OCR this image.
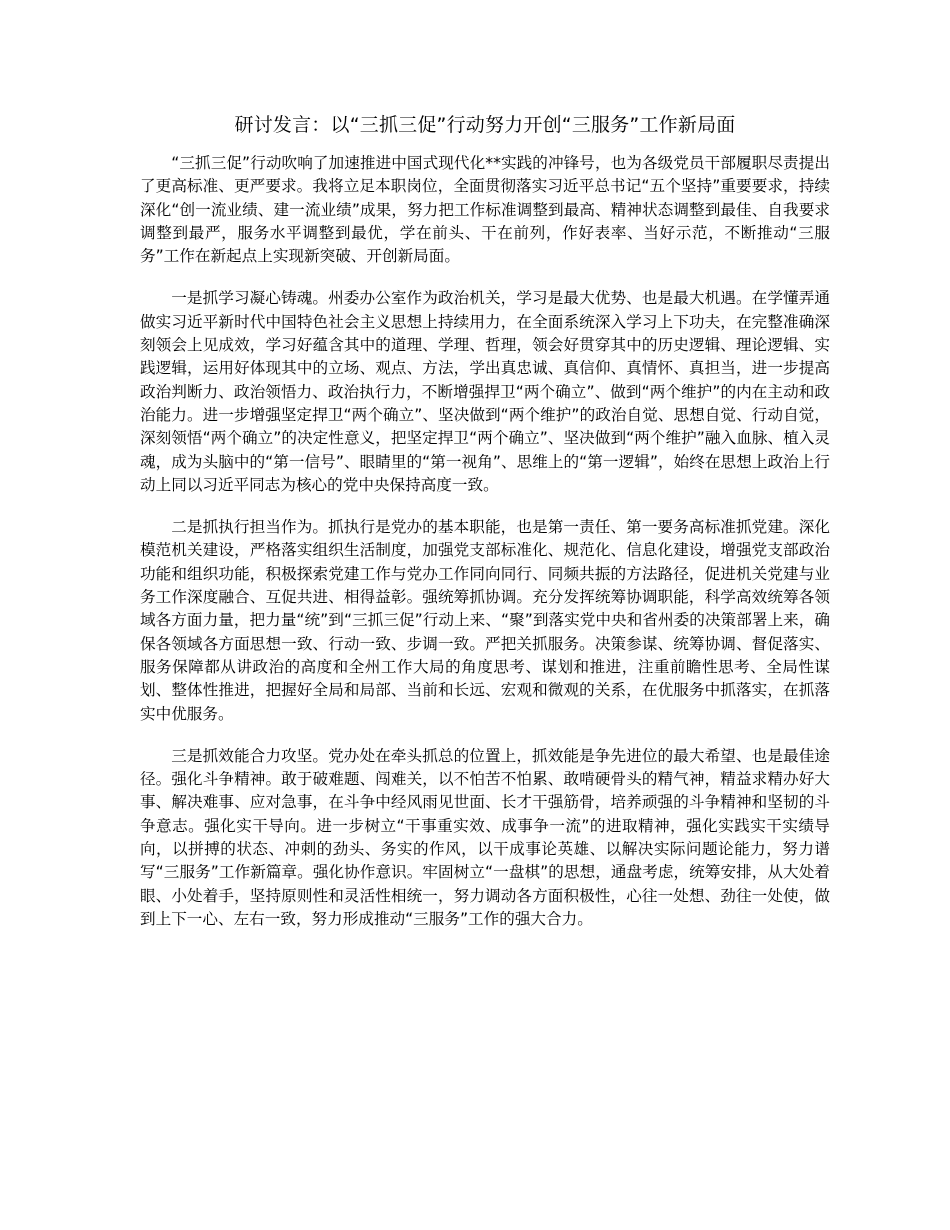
研讨发言：以“三抓三促”行动努力开创“三服务”工作新局面

“三抓三促”行动吹响了加速推进中国式现代化**实践的冲锋号，也为各级党员干部履职尽责提出了更高标准、更严要求。我将立足本职岗位，全面贯彻落实习近平总书记“五个坚持”重要要求，持续深化“创一流业绩、建一流业绩”成果，努力把工作标准调整到最高、精神状态调整到最佳、自我要求调整到最严，服务水平调整到最优，学在前头、干在前列，作好表率、当好示范，不断推动“三服务”工作在新起点上实现新突破、开创新局面。

一是抓学习凝心铸魂。州委办公室作为政治机关，学习是最大优势、也是最大机遇。在学懂弄通做实习近平新时代中国特色社会主义思想上持续用力，在全面系统深入学习上下功夫，在完整准确深刻领会上见成效，学习好蕴含其中的道理、学理、哲理，领会好贯穿其中的历史逻辑、理论逻辑、实践逻辑，运用好体现其中的立场、观点、方法，学出真忠诚、真信仰、真情怀、真担当，进一步提高政治判断力、政治领悟力、政治执行力，不断增强捍卫“两个确立”、做到“两个维护”的内在主动和政治能力。进一步增强坚定捍卫“两个确立”、坚决做到“两个维护”的政治自觉、思想自觉、行动自觉，深刻领悟“两个确立”的决定性意义，把坚定捍卫“两个确立”、坚决做到“两个维护”融入血脉、植入灵魂，成为头脑中的“第一信号”、眼睛里的“第一视角”、思维上的“第一逻辑”，始终在思想上政治上行动上同以习近平同志为核心的党中央保持高度一致。

二是抓执行担当作为。抓执行是党办的基本职能，也是第一责任、第一要务高标准抓党建。深化模范机关建设，严格落实组织生活制度，加强党支部标准化、规范化、信息化建设，增强党支部政治功能和组织功能，积极探索党建工作与党办工作同向同行、同频共振的方法路径，促进机关党建与业务工作深度融合、互促共进、相得益彰。强统筹抓协调。充分发挥统筹协调职能，科学高效统筹各领域各方面力量，把力量“统”到“三抓三促”行动上来、“聚”到落实党中央和省州委的决策部署上来，确保各领域各方面思想一致、行动一致、步调一致。严把关抓服务。决策参谋、统筹协调、督促落实、服务保障都从讲政治的高度和全州工作大局的角度思考、谋划和推进，注重前瞻性思考、全局性谋划、整体性推进，把握好全局和局部、当前和长远、宏观和微观的关系，在优服务中抓落实，在抓落实中优服务。

三是抓效能合力攻坚。党办处在牵头抓总的位置上，抓效能是争先进位的最大希望、也是最佳途径。强化斗争精神。敢于破难题、闯难关，以不怕苦不怕累、敢啃硬骨头的精气神，精益求精办好大事、解决难事、应对急事，在斗争中经风雨见世面、长才干强筋骨，培养顽强的斗争精神和坚韧的斗争意志。强化实干导向。进一步树立“干事重实效、成事争一流”的进取精神，强化实践实干实绩导向，以拼搏的状态、冲刺的劲头、务实的作风，以干成事论英雄、以解决实际问题论能力，努力谱写“三服务”工作新篇章。强化协作意识。牢固树立“一盘棋”的思想，通盘考虑，统筹安排，从大处着眼、小处着手，坚持原则性和灵活性相统一，努力调动各方面积极性，心往一处想、劲往一处使，做到上下一心、左右一致，努力形成推动“三服务”工作的强大合力。
